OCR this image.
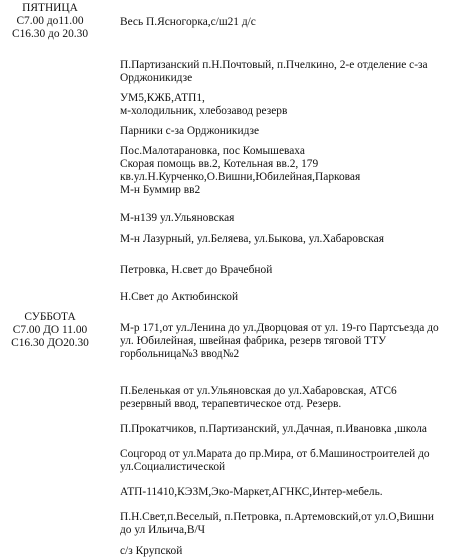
ПЯТНИЦА
С7.00 до11.00
С16.30 до 20.30
СУББОТА
С7.00 ДО 11.00
С16.30 ДО20.30
Весь П.Ясногорка,с/ш21 д/с
П.Партизанский п.Н.Почтовый, п.Пчелкино, 2-е отделение с-за
Орджоникидзе
УМ5,КЖБ,АТП1,
м-холодильник, хлебозавод резерв
Парники с-за Орджоникидзе
Пос.Малотарановка, пос Комышеваха
Скорая помощь вв.2, Котельная вв.2, 179
кв.ул.Н.Курченко,О.Вишни,Юбилейная,Парковая
М-н Буммир вв2
М-н139 ул.Ульяновская
М-н Лазурный, ул.Беляева, ул.Быкова, ул.Хабаровская
Петровка, Н.свет до Врачебной
Н.Свет до Актюбинской
М-р 171,от ул.Ленина до ул.Дворцовая от ул. 19-го Партсъезда до
ул. Юбилейная, швейная фабрика, резерв тяговой ТТУ
горбольница№3 ввод№2
П.Беленькая от ул.Ульяновская до ул.Хабаровская, АТС6
резервный ввод, терапевтическое отд. Резерв.
П.Прокатчиков, п.Партизанский, ул.Дачная, п.Ивановка ,школа
Соцгород от ул.Марата до пр.Мира, от б.Машиностроителей до
ул.Социалистической
АТП-11410,КЭЗМ,Эко-Маркет,АГНКС,Интер-мебель.
П.Н.Свет,п.Веселый, п.Петровка, п.Артемовский,от ул.О,Вишни
до ул Ильича,В/Ч
с/з Крупской
